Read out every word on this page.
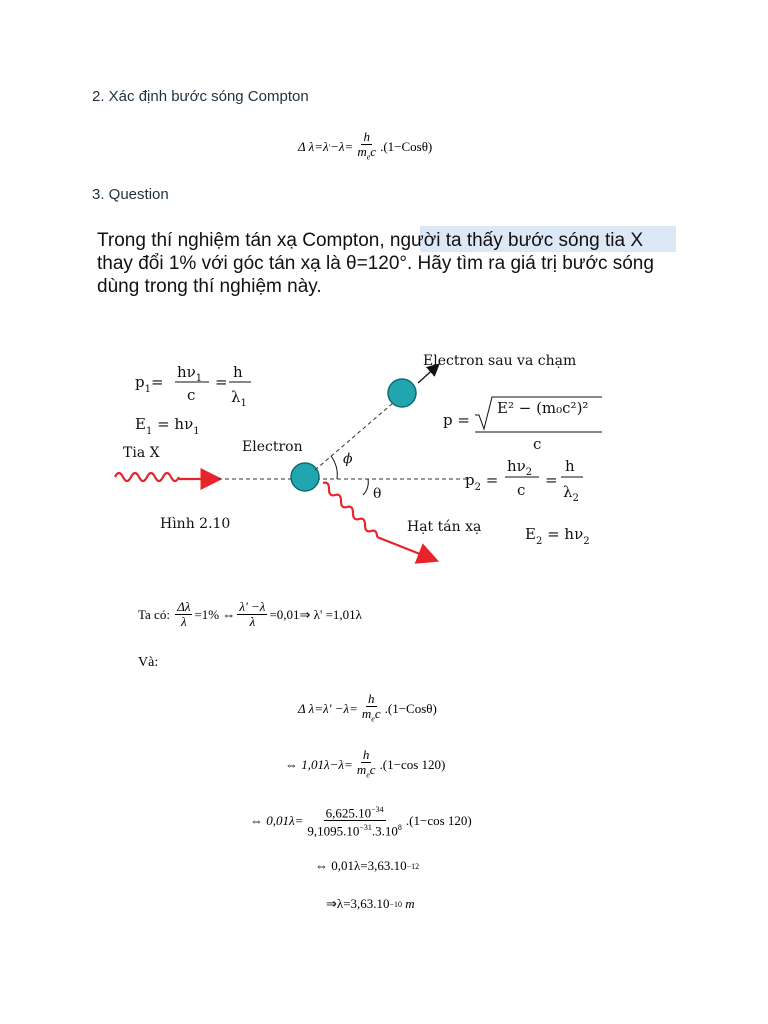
2. Xác định bước sóng Compton
Δ λ=λ ' $-\lambda= \frac{h}{m_ec} .(1-Cos\theta)$
3. Question
Trong thí nghiệm tán xạ Compton, người ta thấy bước sóng tia X
thay đổi 1% với góc tán xạ là θ=120°. Hãy tìm ra giá trị bước sóng
dùng trong thí nghiệm này.
$p_1=$
$h\nu_1$
c
=
h
$\lambda_1$
$E_1 = h\nu_1$
Tia X	Electron
Electron sau va chạm
p =
E² − (m₀c²)²
c
ϕ
θ
Hình 2.10	Hạt tán xạ
$p_2$ =
$h\nu_2$
c
=
h
$\lambda_2$
$E_2 = h\nu_2$
Ta có:
$\frac{\Delta\lambda}{\lambda} =1\%$ ⇔ $\frac{\lambda' -\lambda}{\lambda}$ =0,01⇒ λ' =1,01λ
Và:
Δ $\lambda=\lambda' -\lambda= \frac{h}{m_ec} .(1-Cos\theta)$
⇔ $1,01\lambda-\lambda= \frac{h}{m_ec} .(1-\cos$ 120)
⇔ $0,01\lambda= \frac{6,625.10^{-34}}{9,1095.10^{-31}.3.10^8} .(1-\cos$ 120)
⇔ 0,01λ=3,63.10 −12
⇒λ=3,63.10 −10
m
